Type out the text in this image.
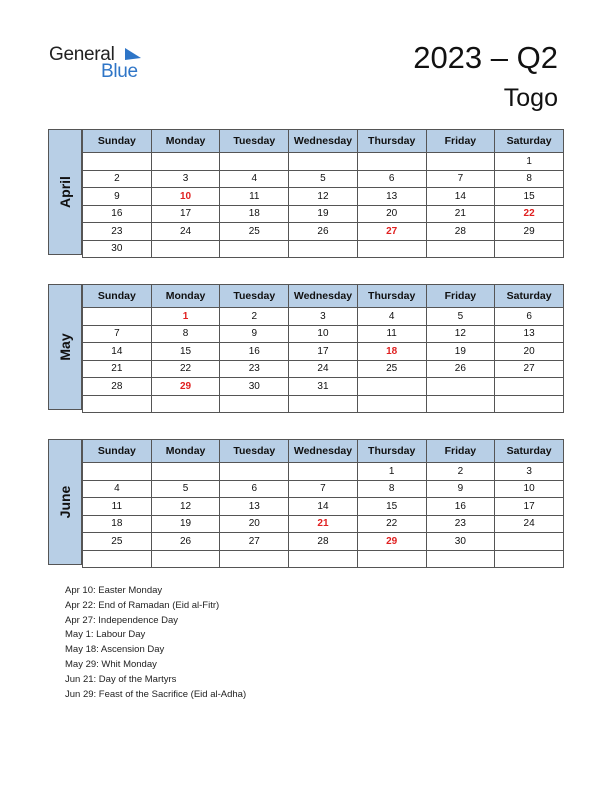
General
Blue	2023 – Q2
Togo
April
Sunday	Monday	Tuesday	Wednesday	Thursday	Friday	Saturday
						1
2	3	4	5	6	7	8
9	10	11	12	13	14	15
16	17	18	19	20	21	22
23	24	25	26	27	28	29
30						
May
Sunday	Monday	Tuesday	Wednesday	Thursday	Friday	Saturday
	1	2	3	4	5	6
7	8	9	10	11	12	13
14	15	16	17	18	19	20
21	22	23	24	25	26	27
28	29	30	31			

June
Sunday	Monday	Tuesday	Wednesday	Thursday	Friday	Saturday
				1	2	3
4	5	6	7	8	9	10
11	12	13	14	15	16	17
18	19	20	21	22	23	24
25	26	27	28	29	30	

Apr 10: Easter Monday
Apr 22: End of Ramadan (Eid al-Fitr)
Apr 27: Independence Day
May 1: Labour Day
May 18: Ascension Day
May 29: Whit Monday
Jun 21: Day of the Martyrs
Jun 29: Feast of the Sacrifice (Eid al-Adha)
